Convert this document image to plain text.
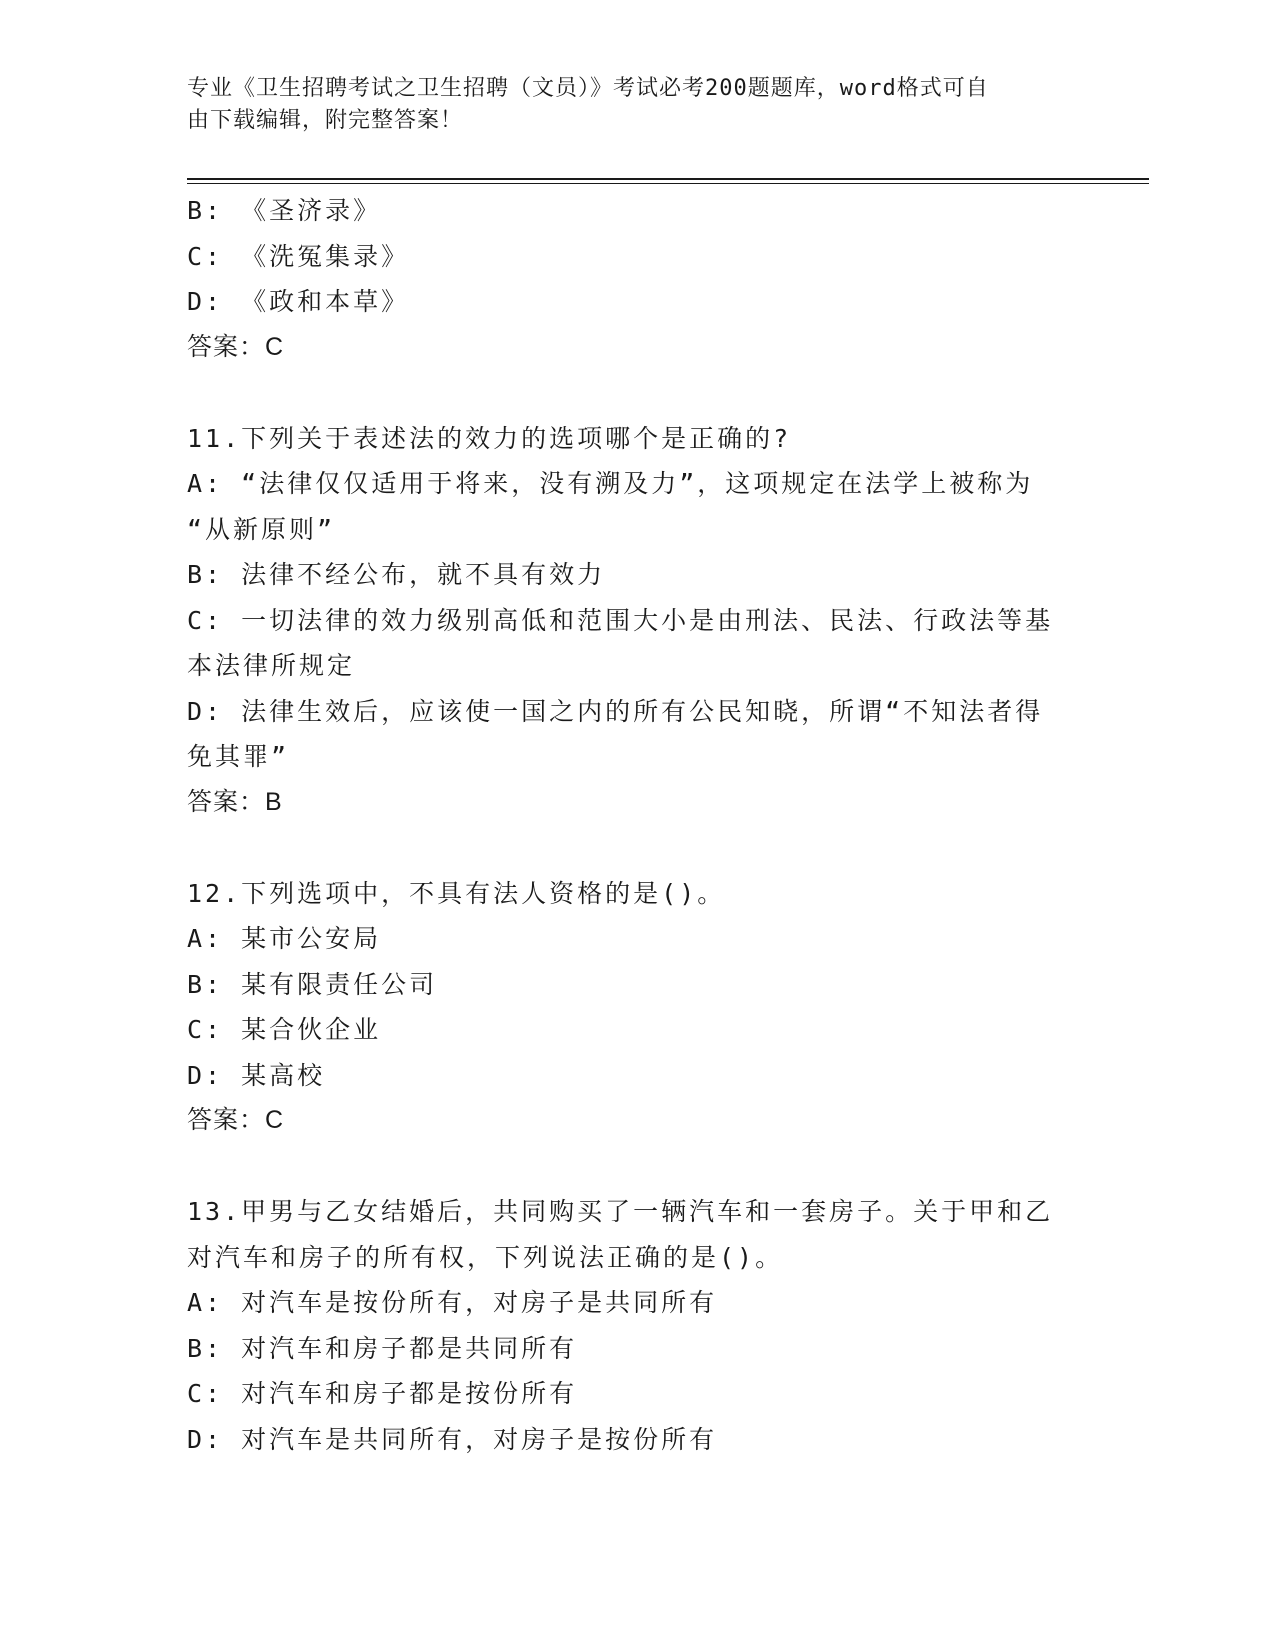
专业《卫生招聘考试之卫生招聘（文员）》考试必考200题题库，word格式可自
由下载编辑，附完整答案！
B: 《圣济录》
C: 《洗冤集录》
D: 《政和本草》
答案：C
11.下列关于表述法的效力的选项哪个是正确的?
A: “法律仅仅适用于将来，没有溯及力”，这项规定在法学上被称为
“从新原则”
B: 法律不经公布，就不具有效力
C: 一切法律的效力级别高低和范围大小是由刑法、民法、行政法等基
本法律所规定
D: 法律生效后，应该使一国之内的所有公民知晓，所谓“不知法者得
免其罪”
答案：B
12.下列选项中，不具有法人资格的是()。
A: 某市公安局
B: 某有限责任公司
C: 某合伙企业
D: 某高校
答案：C
13.甲男与乙女结婚后，共同购买了一辆汽车和一套房子。关于甲和乙
对汽车和房子的所有权，下列说法正确的是()。
A: 对汽车是按份所有，对房子是共同所有
B: 对汽车和房子都是共同所有
C: 对汽车和房子都是按份所有
D: 对汽车是共同所有，对房子是按份所有
